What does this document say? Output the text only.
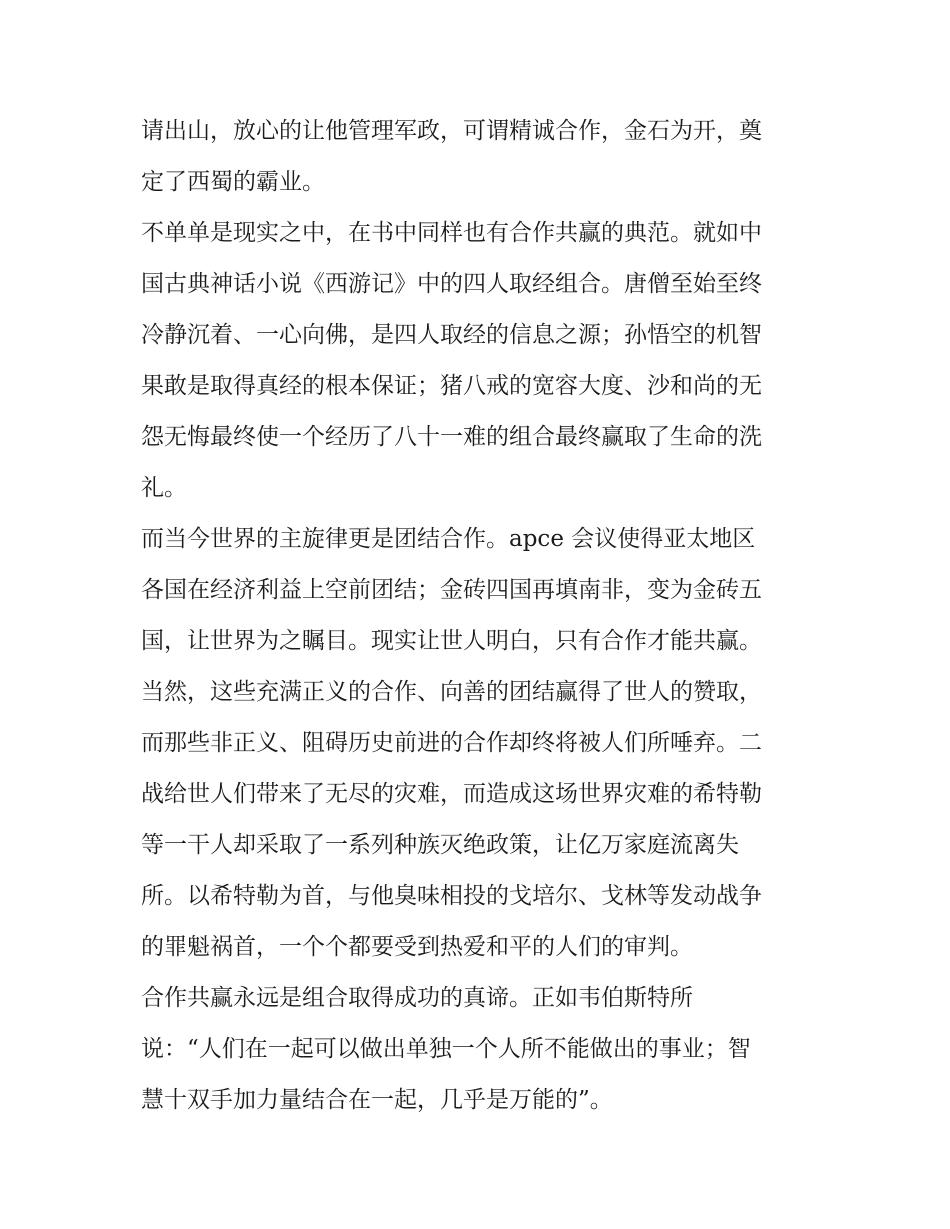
请出山，放心的让他管理军政，可谓精诚合作，金石为开，奠
定了西蜀的霸业。
不单单是现实之中，在书中同样也有合作共赢的典范。就如中
国古典神话小说《西游记》中的四人取经组合。唐僧至始至终
冷静沉着、一心向佛，是四人取经的信息之源；孙悟空的机智
果敢是取得真经的根本保证；猪八戒的宽容大度、沙和尚的无
怨无悔最终使一个经历了八十一难的组合最终赢取了生命的洗
礼。
而当今世界的主旋律更是团结合作。apce 会议使得亚太地区
各国在经济利益上空前团结；金砖四国再填南非，变为金砖五
国，让世界为之瞩目。现实让世人明白，只有合作才能共赢。
当然，这些充满正义的合作、向善的团结赢得了世人的赞取，
而那些非正义、阻碍历史前进的合作却终将被人们所唾弃。二
战给世人们带来了无尽的灾难，而造成这场世界灾难的希特勒
等一干人却采取了一系列种族灭绝政策，让亿万家庭流离失
所。以希特勒为首，与他臭味相投的戈培尔、戈林等发动战争
的罪魁祸首，一个个都要受到热爱和平的人们的审判。
合作共赢永远是组合取得成功的真谛。正如韦伯斯特所
说：“人们在一起可以做出单独一个人所不能做出的事业；智
慧十双手加力量结合在一起，几乎是万能的”。
